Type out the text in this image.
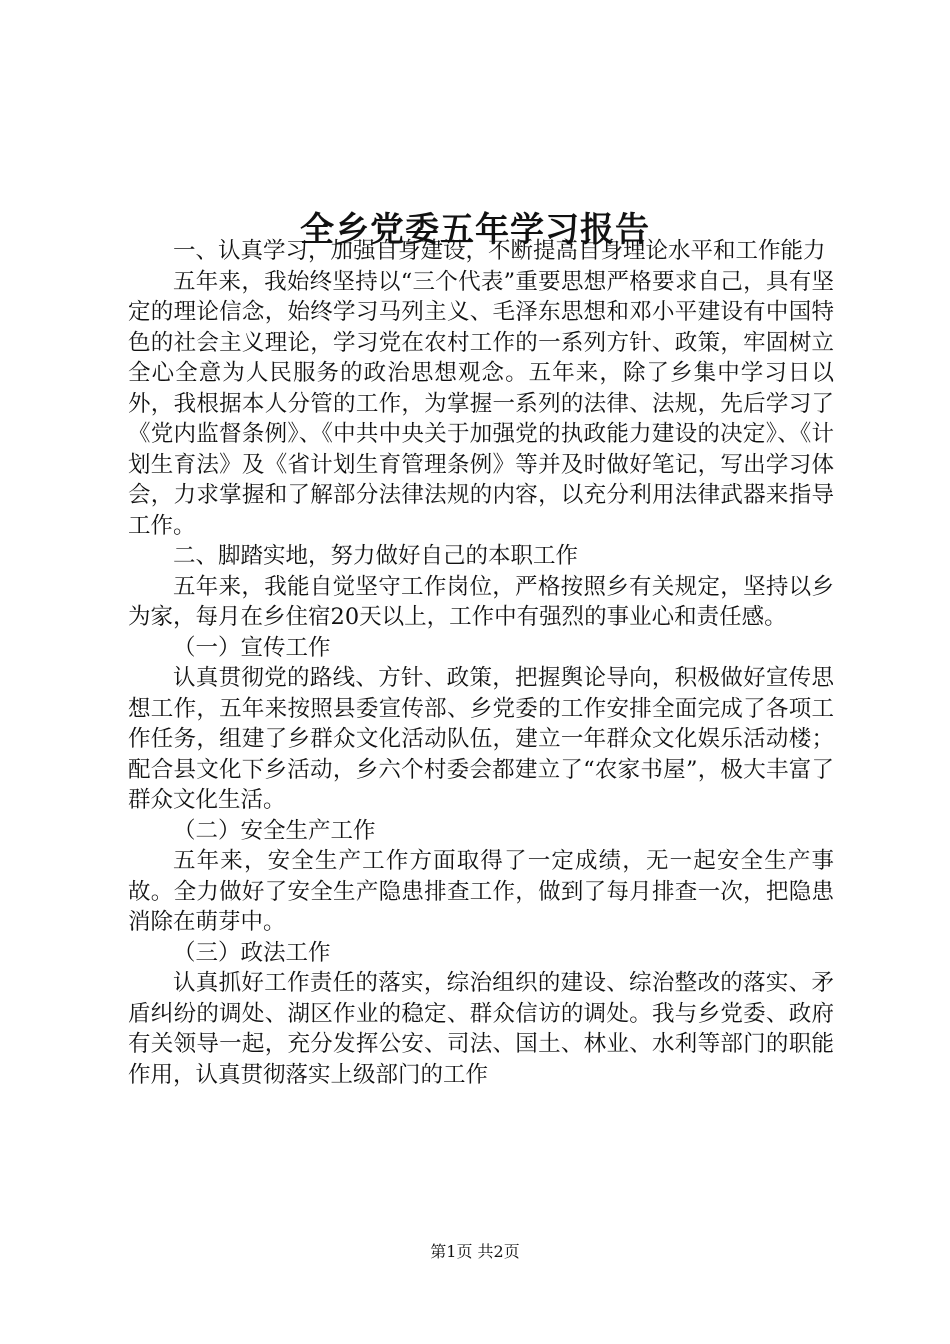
全乡党委五年学习报告

一、认真学习，加强自身建设，不断提高自身理论水平和工作能力

五年来，我始终坚持以“三个代表”重要思想严格要求自己，具有坚定的理论信念，始终学习马列主义、毛泽东思想和邓小平建设有中国特色的社会主义理论，学习党在农村工作的一系列方针、政策，牢固树立全心全意为人民服务的政治思想观念。五年来，除了乡集中学习日以外，我根据本人分管的工作，为掌握一系列的法律、法规，先后学习了《党内监督条例》、《中共中央关于加强党的执政能力建设的决定》、《计划生育法》及《省计划生育管理条例》等并及时做好笔记，写出学习体会，力求掌握和了解部分法律法规的内容，以充分利用法律武器来指导工作。

二、脚踏实地，努力做好自己的本职工作

五年来，我能自觉坚守工作岗位，严格按照乡有关规定，坚持以乡为家，每月在乡住宿20天以上，工作中有强烈的事业心和责任感。

（一）宣传工作

认真贯彻党的路线、方针、政策，把握舆论导向，积极做好宣传思想工作，五年来按照县委宣传部、乡党委的工作安排全面完成了各项工作任务，组建了乡群众文化活动队伍，建立一年群众文化娱乐活动楼；配合县文化下乡活动，乡六个村委会都建立了“农家书屋”，极大丰富了群众文化生活。

（二）安全生产工作

五年来，安全生产工作方面取得了一定成绩，无一起安全生产事故。全力做好了安全生产隐患排查工作，做到了每月排查一次，把隐患消除在萌芽中。

（三）政法工作

认真抓好工作责任的落实，综治组织的建设、综治整改的落实、矛盾纠纷的调处、湖区作业的稳定、群众信访的调处。我与乡党委、政府有关领导一起，充分发挥公安、司法、国土、林业、水利等部门的职能作用，认真贯彻落实上级部门的工作

第1页 共2页
